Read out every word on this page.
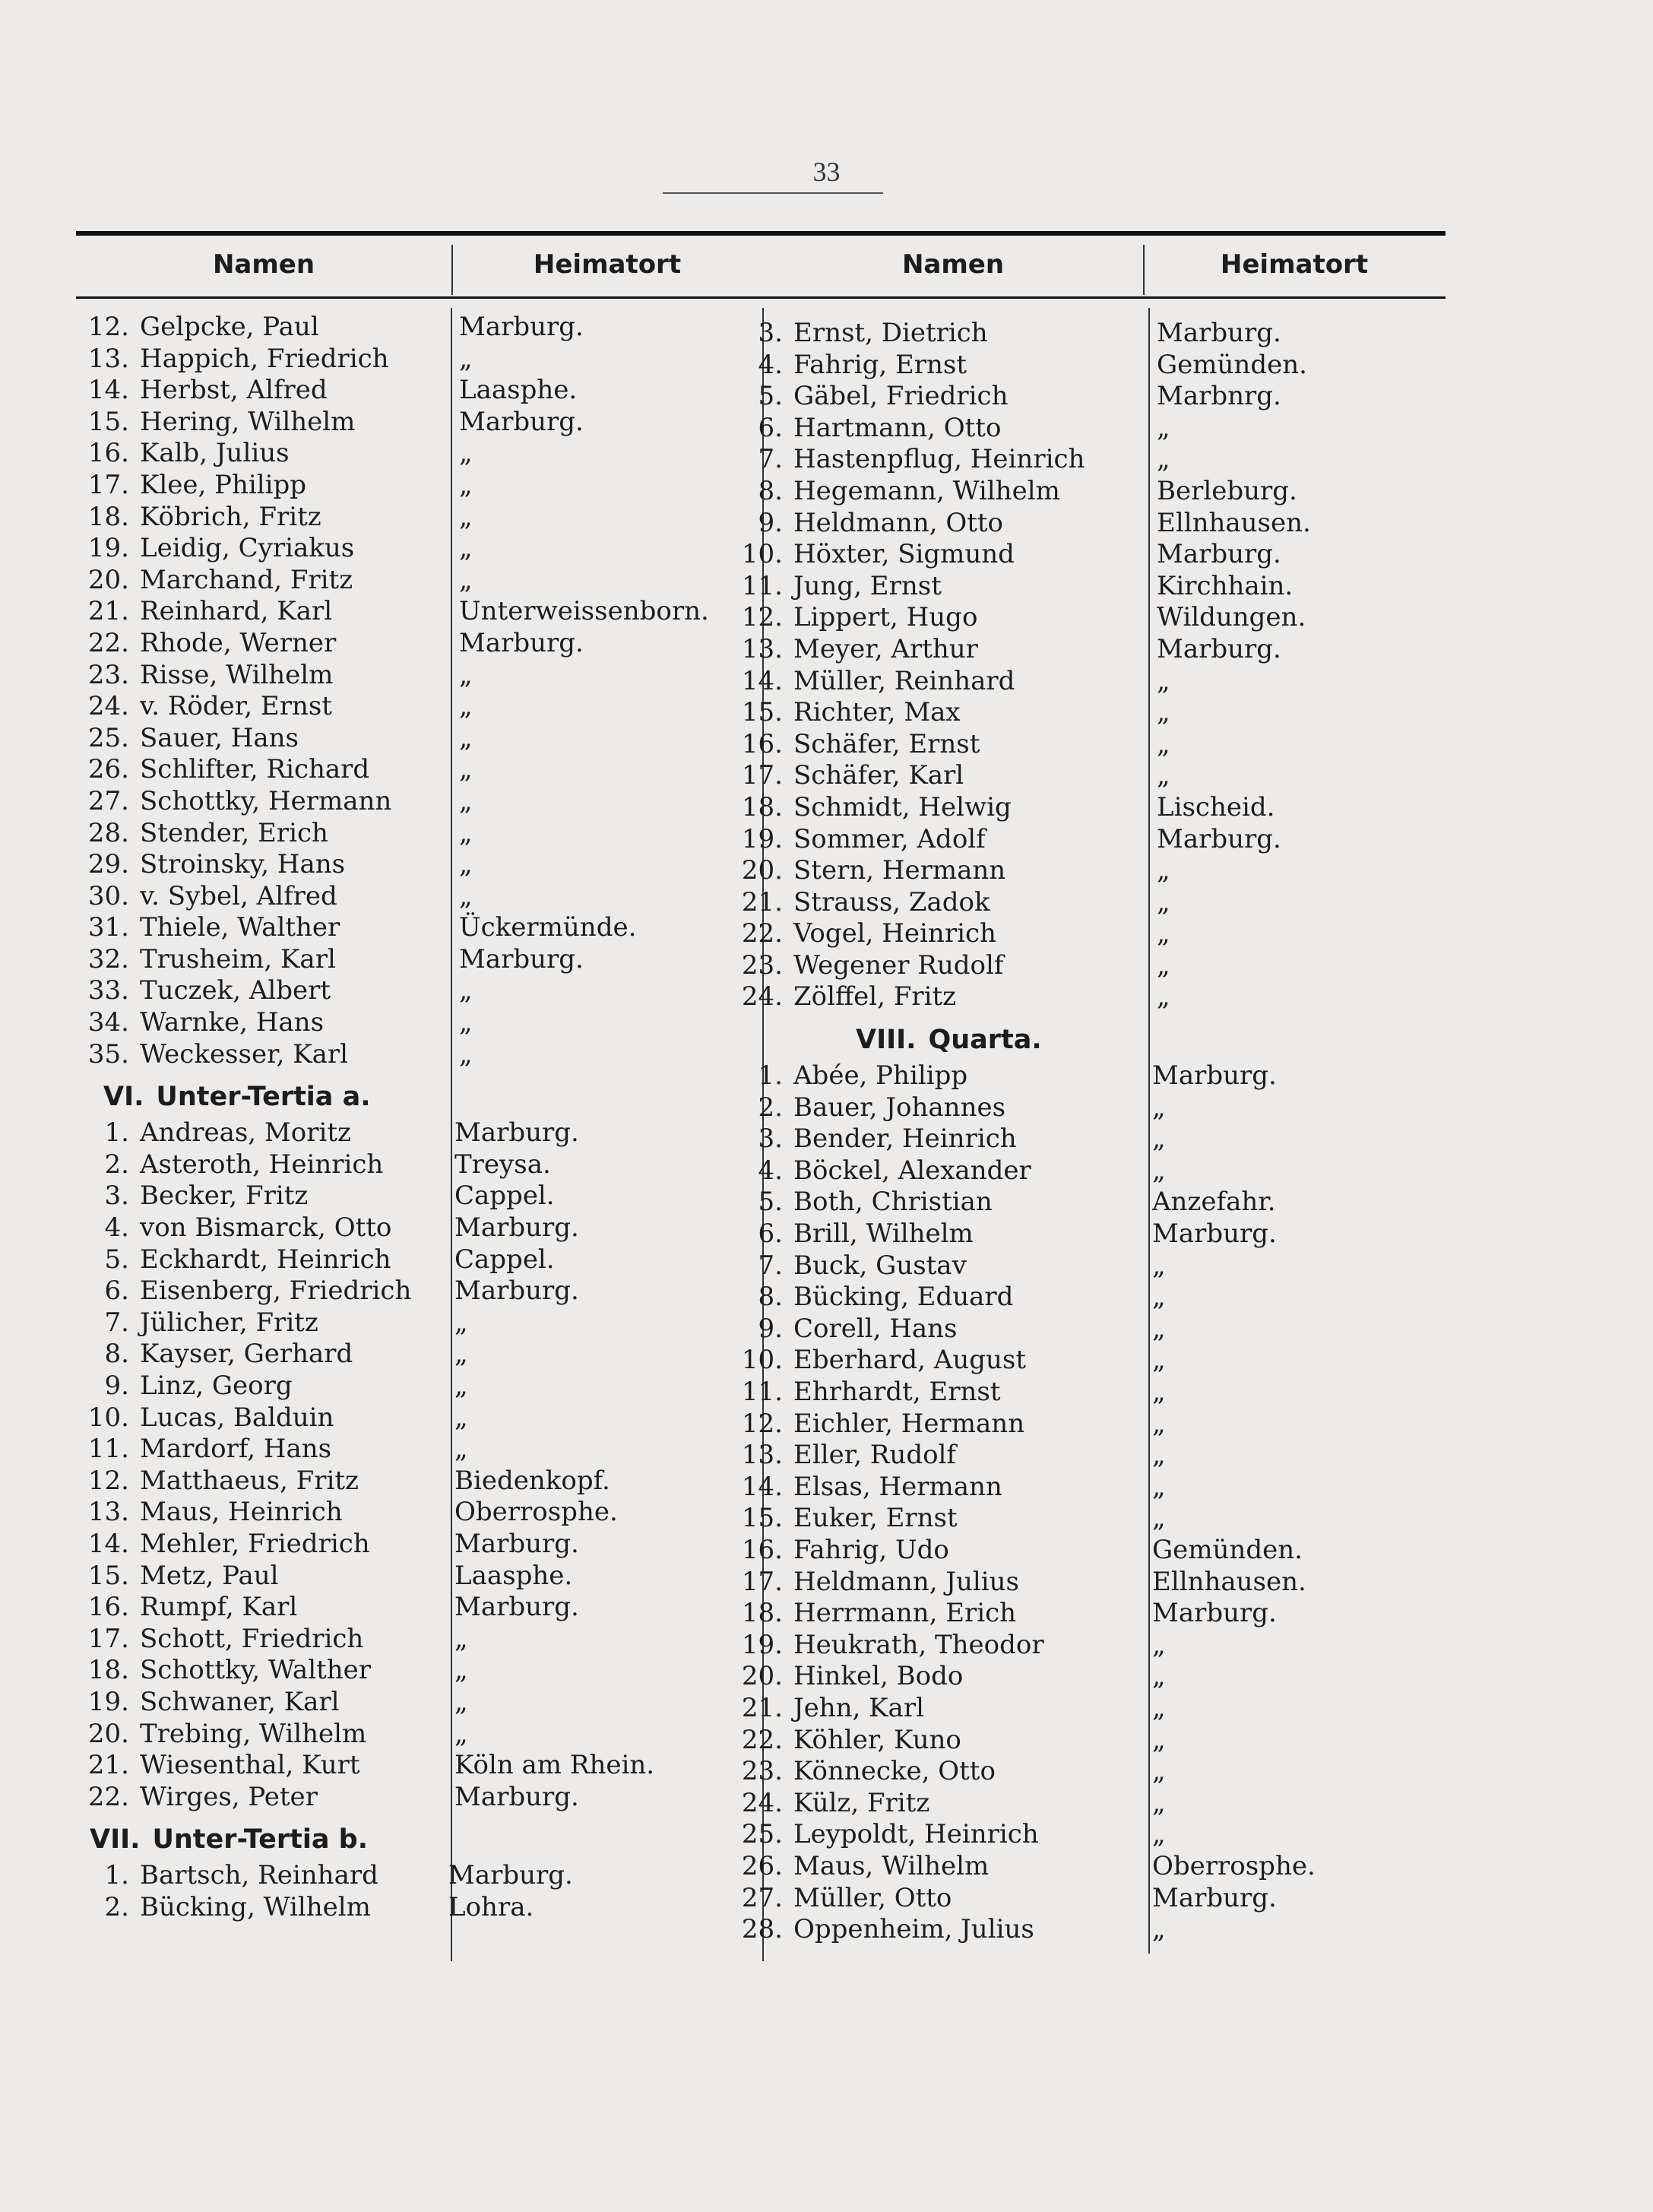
33
Namen	Heimatort	Namen	Heimatort
12. Gelpcke, Paul	Marburg.
13. Happich, Friedrich	„
14. Herbst, Alfred	Laasphe.
15. Hering, Wilhelm	Marburg.
16. Kalb, Julius	„
17. Klee, Philipp	„
18. Köbrich, Fritz	„
19. Leidig, Cyriakus	„
20. Marchand, Fritz	„
21. Reinhard, Karl	Unterweissenborn.
22. Rhode, Werner	Marburg.
23. Risse, Wilhelm	„
24. v. Röder, Ernst	„
25. Sauer, Hans	„
26. Schlifter, Richard	„
27. Schottky, Hermann	„
28. Stender, Erich	„
29. Stroinsky, Hans	„
30. v. Sybel, Alfred	„
31. Thiele, Walther	Ückermünde.
32. Trusheim, Karl	Marburg.
33. Tuczek, Albert	„
34. Warnke, Hans	„
35. Weckesser, Karl	„
VI. Unter-Tertia a.
1. Andreas, Moritz	Marburg.
2. Asteroth, Heinrich	Treysa.
3. Becker, Fritz	Cappel.
4. von Bismarck, Otto Marburg.
5. Eckhardt, Heinrich Cappel.
6. Eisenberg, Friedrich Marburg.
7. Jülicher, Fritz	„
8. Kayser, Gerhard	„
9. Linz, Georg	„
10. Lucas, Balduin	„
11. Mardorf, Hans	„
12. Matthaeus, Fritz	Biedenkopf.
13. Maus, Heinrich	Oberrosphe.
14. Mehler, Friedrich	Marburg.
15. Metz, Paul	Laasphe.
16. Rumpf, Karl	Marburg.
17. Schott, Friedrich	„
18. Schottky, Walther	„
19. Schwaner, Karl	„
20. Trebing, Wilhelm	„
21. Wiesenthal, Kurt	Köln am Rhein.
22. Wirges, Peter	Marburg.
VII. Unter-Tertia b.
1. Bartsch, Reinhard	Marburg.
2. Bücking, Wilhelm	Lohra.
3. Ernst, Dietrich	Marburg.
4. Fahrig, Ernst	Gemünden.
5. Gäbel, Friedrich	Marbnrg.
6. Hartmann, Otto	„
7. Hastenpflug, Heinrich	„
8. Hegemann, Wilhelm	Berleburg.
9. Heldmann, Otto	Ellnhausen.
10. Höxter, Sigmund	Marburg.
11. Jung, Ernst	Kirchhain.
12. Lippert, Hugo	Wildungen.
13. Meyer, Arthur	Marburg.
14. Müller, Reinhard	„
15. Richter, Max	„
16. Schäfer, Ernst	„
17. Schäfer, Karl	„
18. Schmidt, Helwig	Lischeid.
19. Sommer, Adolf	Marburg.
20. Stern, Hermann	„
21. Strauss, Zadok	„
22. Vogel, Heinrich	„
23. Wegener Rudolf	„
24. Zölffel, Fritz	„
VIII. Quarta.
1. Abée, Philipp	Marburg.
2. Bauer, Johannes	„
3. Bender, Heinrich	„
4. Böckel, Alexander	„
5. Both, Christian	Anzefahr.
6. Brill, Wilhelm	Marburg.
7. Buck, Gustav	„
8. Bücking, Eduard	„
9. Corell, Hans	„
10. Eberhard, August	„
11. Ehrhardt, Ernst	„
12. Eichler, Hermann	„
13. Eller, Rudolf	„
14. Elsas, Hermann	„
15. Euker, Ernst	„
16. Fahrig, Udo	Gemünden.
17. Heldmann, Julius	Ellnhausen.
18. Herrmann, Erich	Marburg.
19. Heukrath, Theodor	„
20. Hinkel, Bodo	„
21. Jehn, Karl	„
22. Köhler, Kuno	„
23. Könnecke, Otto	„
24. Külz, Fritz	„
25. Leypoldt, Heinrich	„
26. Maus, Wilhelm	Oberrosphe.
27. Müller, Otto	Marburg.
28. Oppenheim, Julius	„
